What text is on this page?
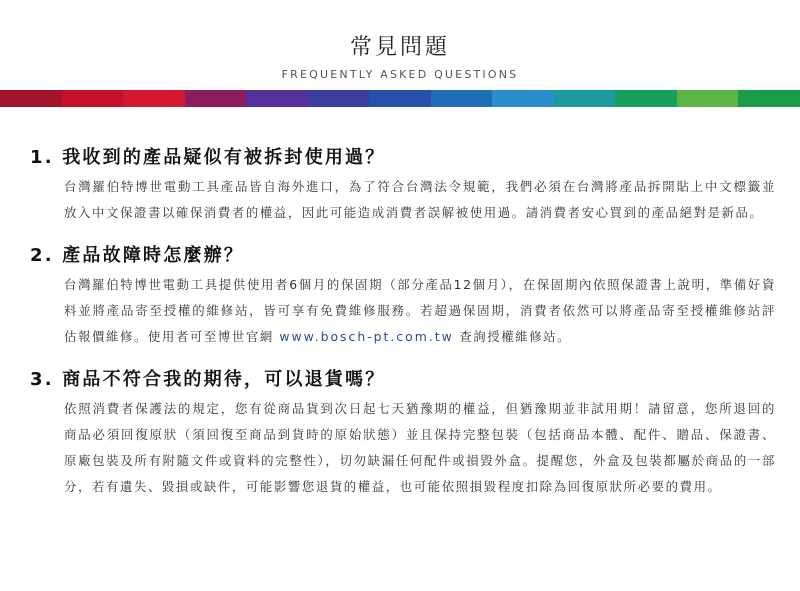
常見問題
FREQUENTLY ASKED QUESTIONS
1. 我收到的產品疑似有被拆封使用過？
台灣羅伯特博世電動工具產品皆自海外進口，為了符合台灣法令規範，我們必須在台灣將產品拆開貼上中文標籤並放入中文保證書以確保消費者的權益，因此可能造成消費者誤解被使用過。請消費者安心買到的產品絕對是新品。
2. 產品故障時怎麼辦？
台灣羅伯特博世電動工具提供使用者6個月的保固期（部分產品12個月），在保固期內依照保證書上說明，準備好資料並將產品寄至授權的維修站，皆可享有免費維修服務。若超過保固期，消費者依然可以將產品寄至授權維修站評估報價維修。使用者可至博世官網 www.bosch-pt.com.tw 查詢授權維修站。
3. 商品不符合我的期待，可以退貨嗎？
依照消費者保護法的規定，您有從商品貨到次日起七天猶豫期的權益，但猶豫期並非試用期！請留意，您所退回的商品必須回復原狀（須回復至商品到貨時的原始狀態）並且保持完整包裝（包括商品本體、配件、贈品、保證書、原廠包裝及所有附隨文件或資料的完整性），切勿缺漏任何配件或損毀外盒。提醒您，外盒及包裝都屬於商品的一部分，若有遺失、毀損或缺件，可能影響您退貨的權益，也可能依照損毀程度扣除為回復原狀所必要的費用。
